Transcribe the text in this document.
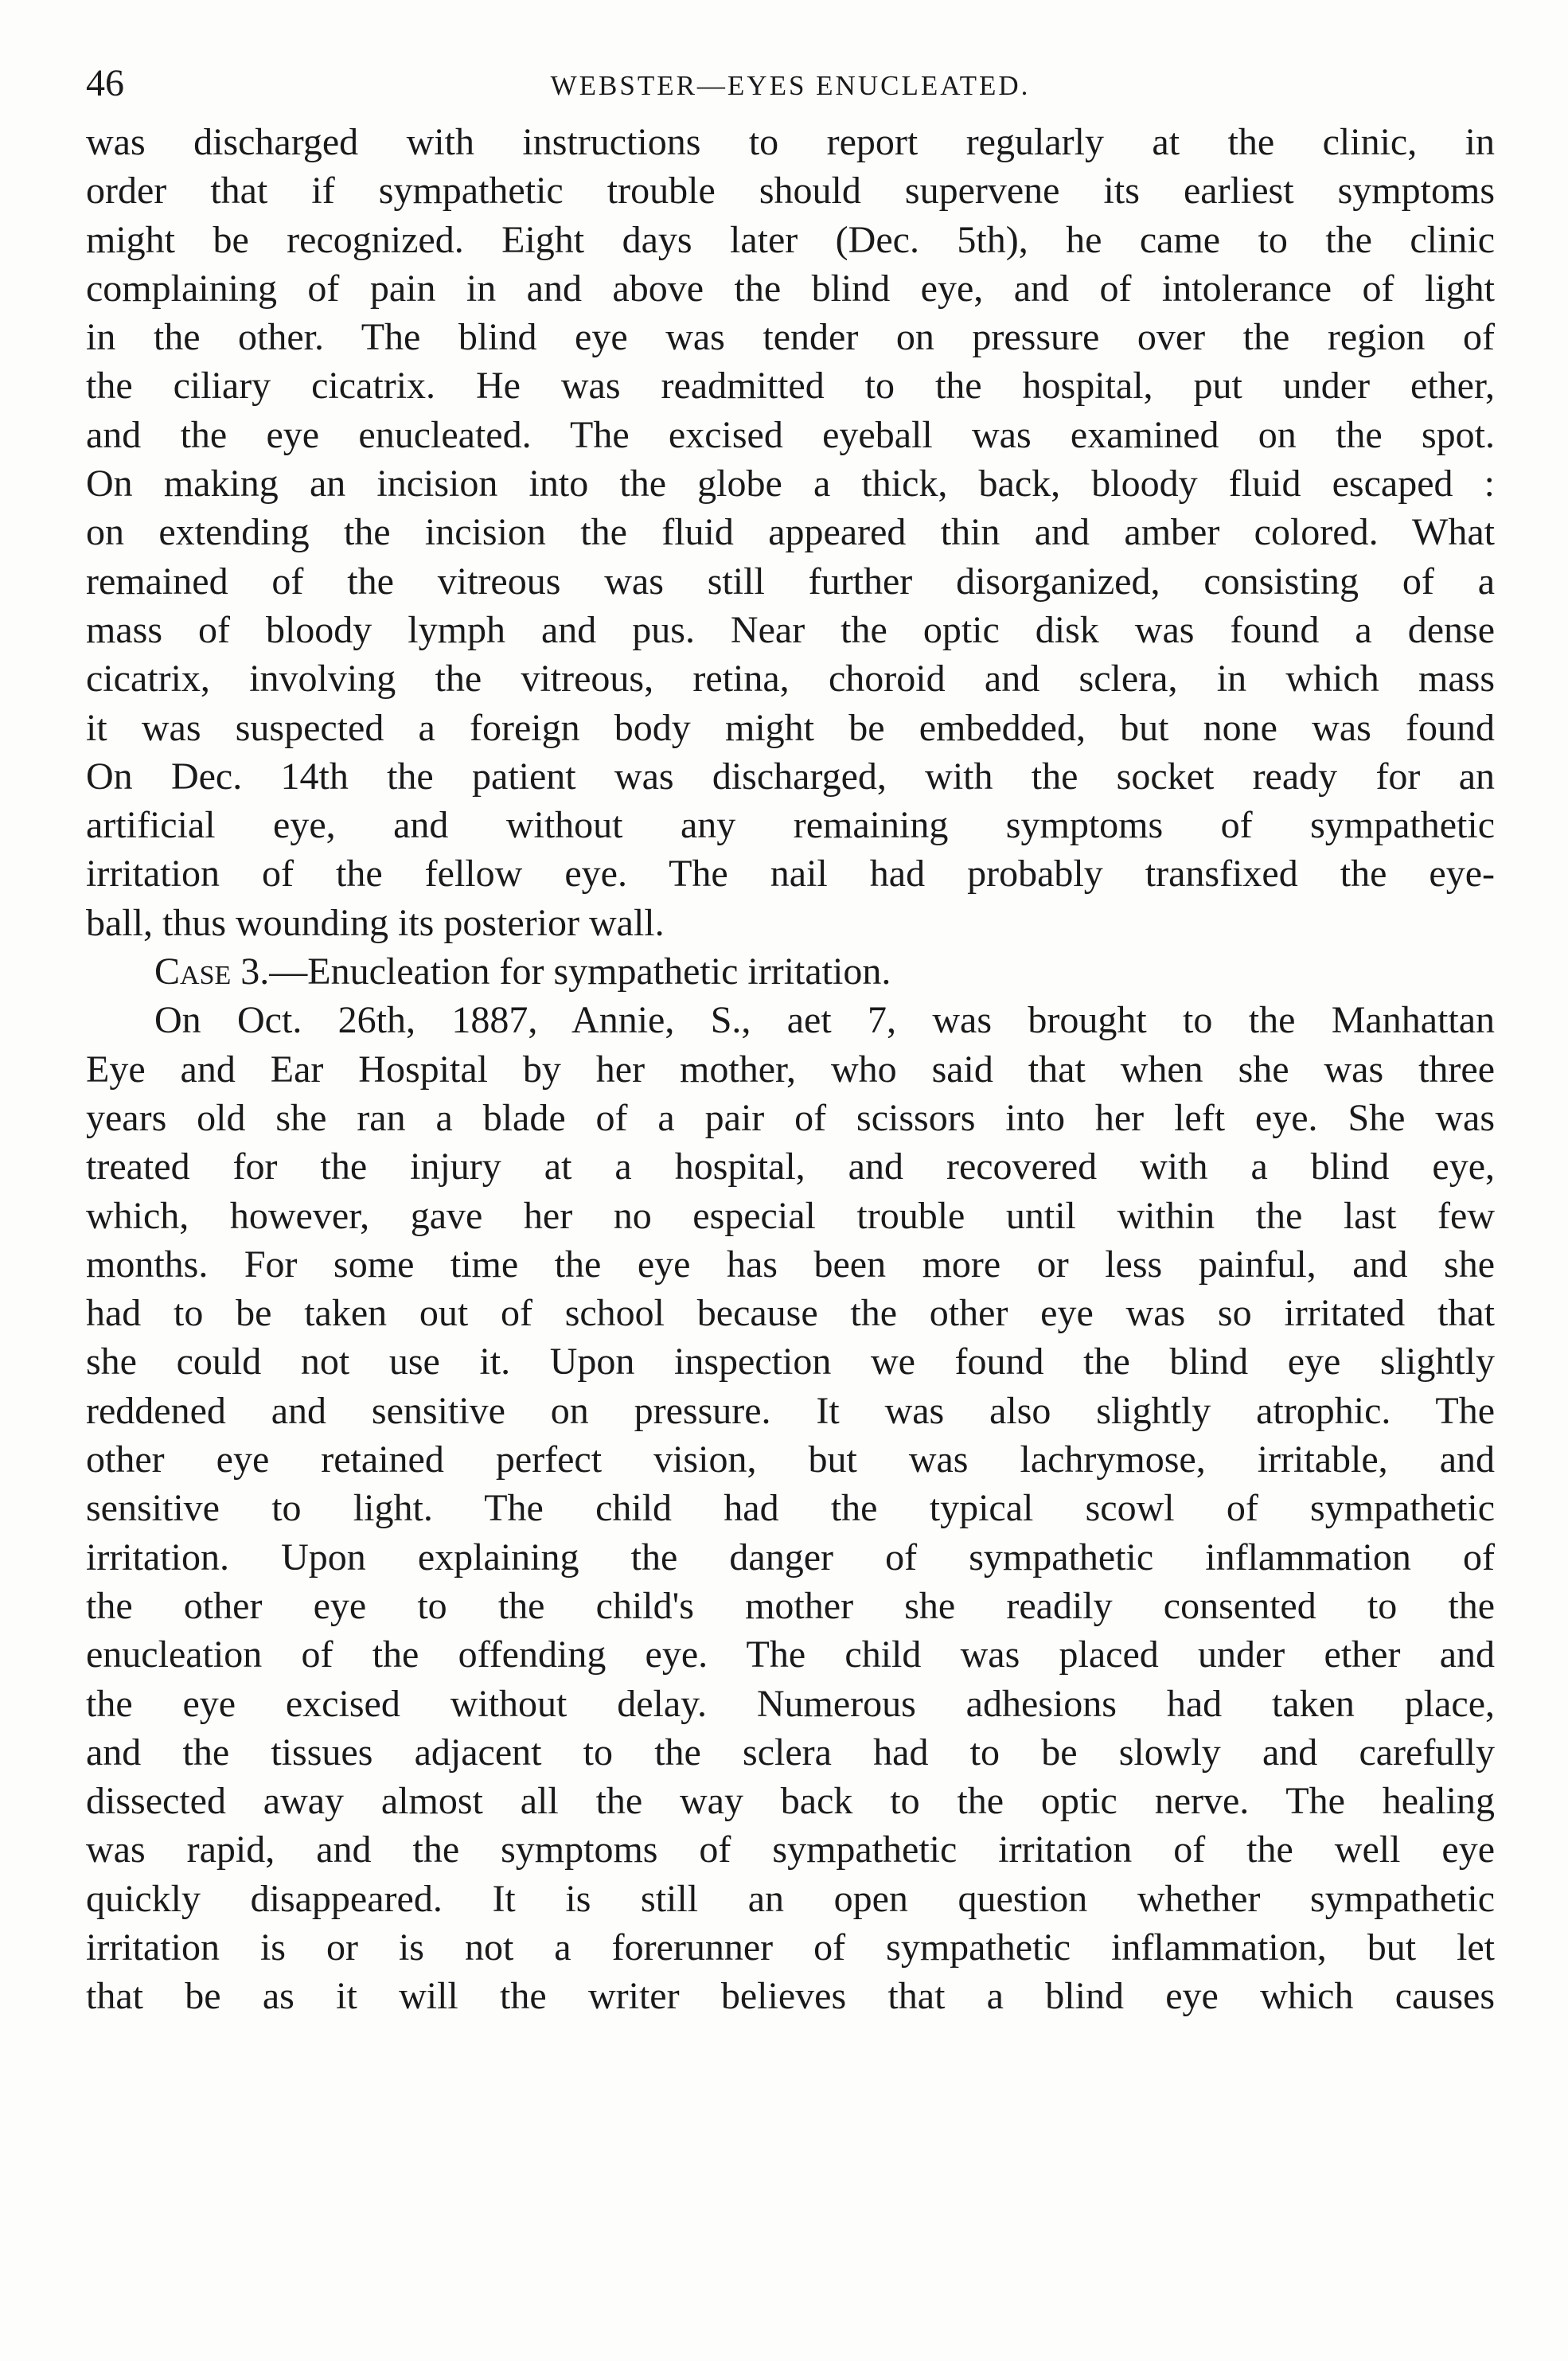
46	WEBSTER—EYES ENUCLEATED.
was discharged with instructions to report regularly at the clinic, in
order that if sympathetic trouble should supervene its earliest symptoms
might be recognized. Eight days later (Dec. 5th), he came to the clinic
complaining of pain in and above the blind eye, and of intolerance of light
in the other. The blind eye was tender on pressure over the region of
the ciliary cicatrix. He was readmitted to the hospital, put under ether,
and the eye enucleated. The excised eyeball was examined on the spot.
On making an incision into the globe a thick, back, bloody fluid escaped :
on extending the incision the fluid appeared thin and amber colored. What
remained of the vitreous was still further disorganized, consisting of a
mass of bloody lymph and pus. Near the optic disk was found a dense
cicatrix, involving the vitreous, retina, choroid and sclera, in which mass
it was suspected a foreign body might be embedded, but none was found
On Dec. 14th the patient was discharged, with the socket ready for an
artificial eye, and without any remaining symptoms of sympathetic
irritation of the fellow eye. The nail had probably transfixed the eye-
ball, thus wounding its posterior wall.
Case 3.—Enucleation for sympathetic irritation.
On Oct. 26th, 1887, Annie, S., aet 7, was brought to the Manhattan
Eye and Ear Hospital by her mother, who said that when she was three
years old she ran a blade of a pair of scissors into her left eye. She was
treated for the injury at a hospital, and recovered with a blind eye,
which, however, gave her no especial trouble until within the last few
months. For some time the eye has been more or less painful, and she
had to be taken out of school because the other eye was so irritated that
she could not use it. Upon inspection we found the blind eye slightly
reddened and sensitive on pressure. It was also slightly atrophic. The
other eye retained perfect vision, but was lachrymose, irritable, and
sensitive to light. The child had the typical scowl of sympathetic
irritation. Upon explaining the danger of sympathetic inflammation of
the other eye to the child's mother she readily consented to the
enucleation of the offending eye. The child was placed under ether and
the eye excised without delay. Numerous adhesions had taken place,
and the tissues adjacent to the sclera had to be slowly and carefully
dissected away almost all the way back to the optic nerve. The healing
was rapid, and the symptoms of sympathetic irritation of the well eye
quickly disappeared. It is still an open question whether sympathetic
irritation is or is not a forerunner of sympathetic inflammation, but let
that be as it will the writer believes that a blind eye which causes
